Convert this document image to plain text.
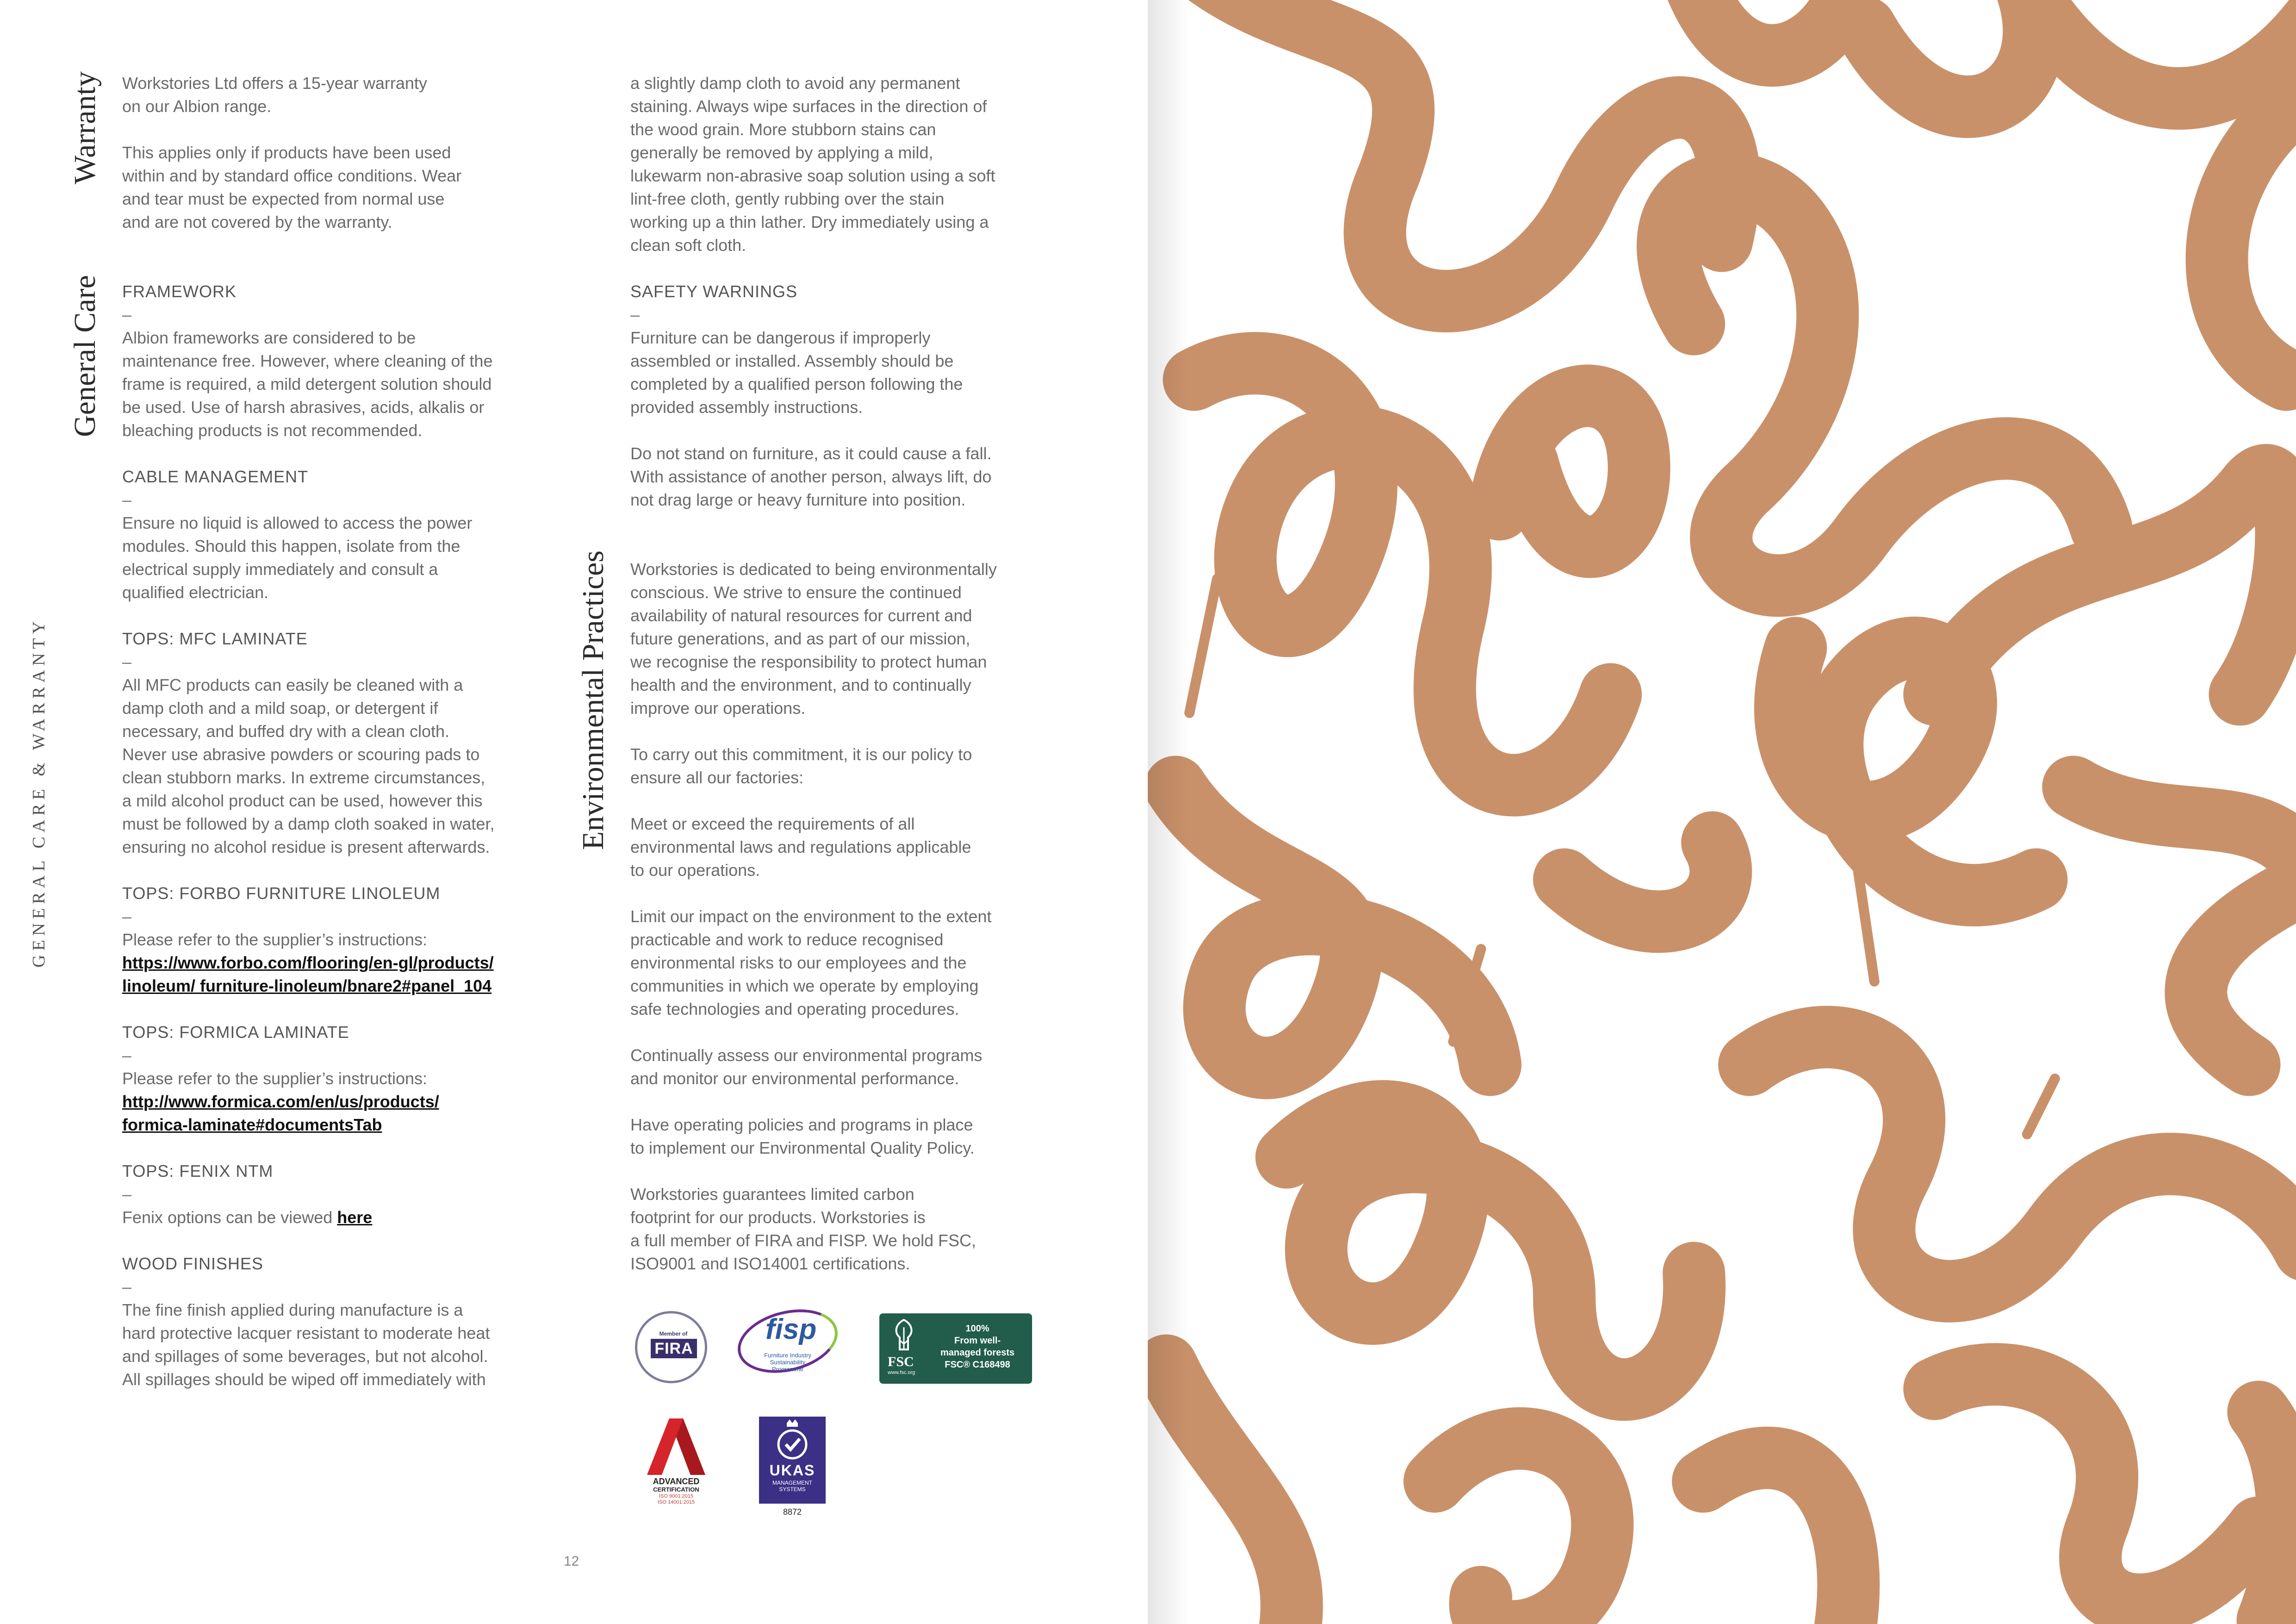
GENERAL CARE & WARRANTY
Warranty
General Care
Environmental Practices

Workstories Ltd offers a 15-year warranty

on our Albion range.

This applies only if products have been used

within and by standard office conditions. Wear

and tear must be expected from normal use

and are not covered by the warranty.

FRAMEWORK

–

Albion frameworks are considered to be

maintenance free. However, where cleaning of the

frame is required, a mild detergent solution should

be used. Use of harsh abrasives, acids, alkalis or

bleaching products is not recommended.

CABLE MANAGEMENT

–

Ensure no liquid is allowed to access the power

modules. Should this happen, isolate from the

electrical supply immediately and consult a

qualified electrician.

TOPS: MFC LAMINATE

–

All MFC products can easily be cleaned with a

damp cloth and a mild soap, or detergent if

necessary, and buffed dry with a clean cloth.

Never use abrasive powders or scouring pads to

clean stubborn marks. In extreme circumstances,

a mild alcohol product can be used, however this

must be followed by a damp cloth soaked in water,

ensuring no alcohol residue is present afterwards.

TOPS: FORBO FURNITURE LINOLEUM

–

Please refer to the supplier’s instructions:

https://www.forbo.com/flooring/en-gl/products/

linoleum/ furniture-linoleum/bnare2#panel_104

TOPS: FORMICA LAMINATE

–

Please refer to the supplier’s instructions:

http://www.formica.com/en/us/products/

formica-laminate#documentsTab

TOPS: FENIX NTM

–

Fenix options can be viewed here

WOOD FINISHES

–

The fine finish applied during manufacture is a

hard protective lacquer resistant to moderate heat

and spillages of some beverages, but not alcohol.

All spillages should be wiped off immediately with

a slightly damp cloth to avoid any permanent

staining. Always wipe surfaces in the direction of

the wood grain. More stubborn stains can

generally be removed by applying a mild,

lukewarm non-abrasive soap solution using a soft

lint-free cloth, gently rubbing over the stain

working up a thin lather. Dry immediately using a

clean soft cloth.

SAFETY WARNINGS

–

Furniture can be dangerous if improperly

assembled or installed. Assembly should be

completed by a qualified person following the

provided assembly instructions.

Do not stand on furniture, as it could cause a fall.

With assistance of another person, always lift, do

not drag large or heavy furniture into position.

Workstories is dedicated to being environmentally

conscious. We strive to ensure the continued

availability of natural resources for current and

future generations, and as part of our mission,

we recognise the responsibility to protect human

health and the environment, and to continually

improve our operations.

To carry out this commitment, it is our policy to

ensure all our factories:

Meet or exceed the requirements of all

environmental laws and regulations applicable

to our operations.

Limit our impact on the environment to the extent

practicable and work to reduce recognised

environmental risks to our employees and the

communities in which we operate by employing

safe technologies and operating procedures.

Continually assess our environmental programs

and monitor our environmental performance.

Have operating policies and programs in place

to implement our Environmental Quality Policy.

Workstories guarantees limited carbon

footprint for our products. Workstories is

a full member of FIRA and FISP. We hold FSC,

ISO9001 and ISO14001 certifications.

Member of
FIRA
fisp
Furniture Industry Sustainability Programme
100%
From well-
managed forests
FSC® C168498
FSC
www.fsc.org
ADVANCED
CERTIFICATION
ISO 9001:2015
ISO 14001:2015
UKAS
MANAGEMENT
SYSTEMS
8872
12
